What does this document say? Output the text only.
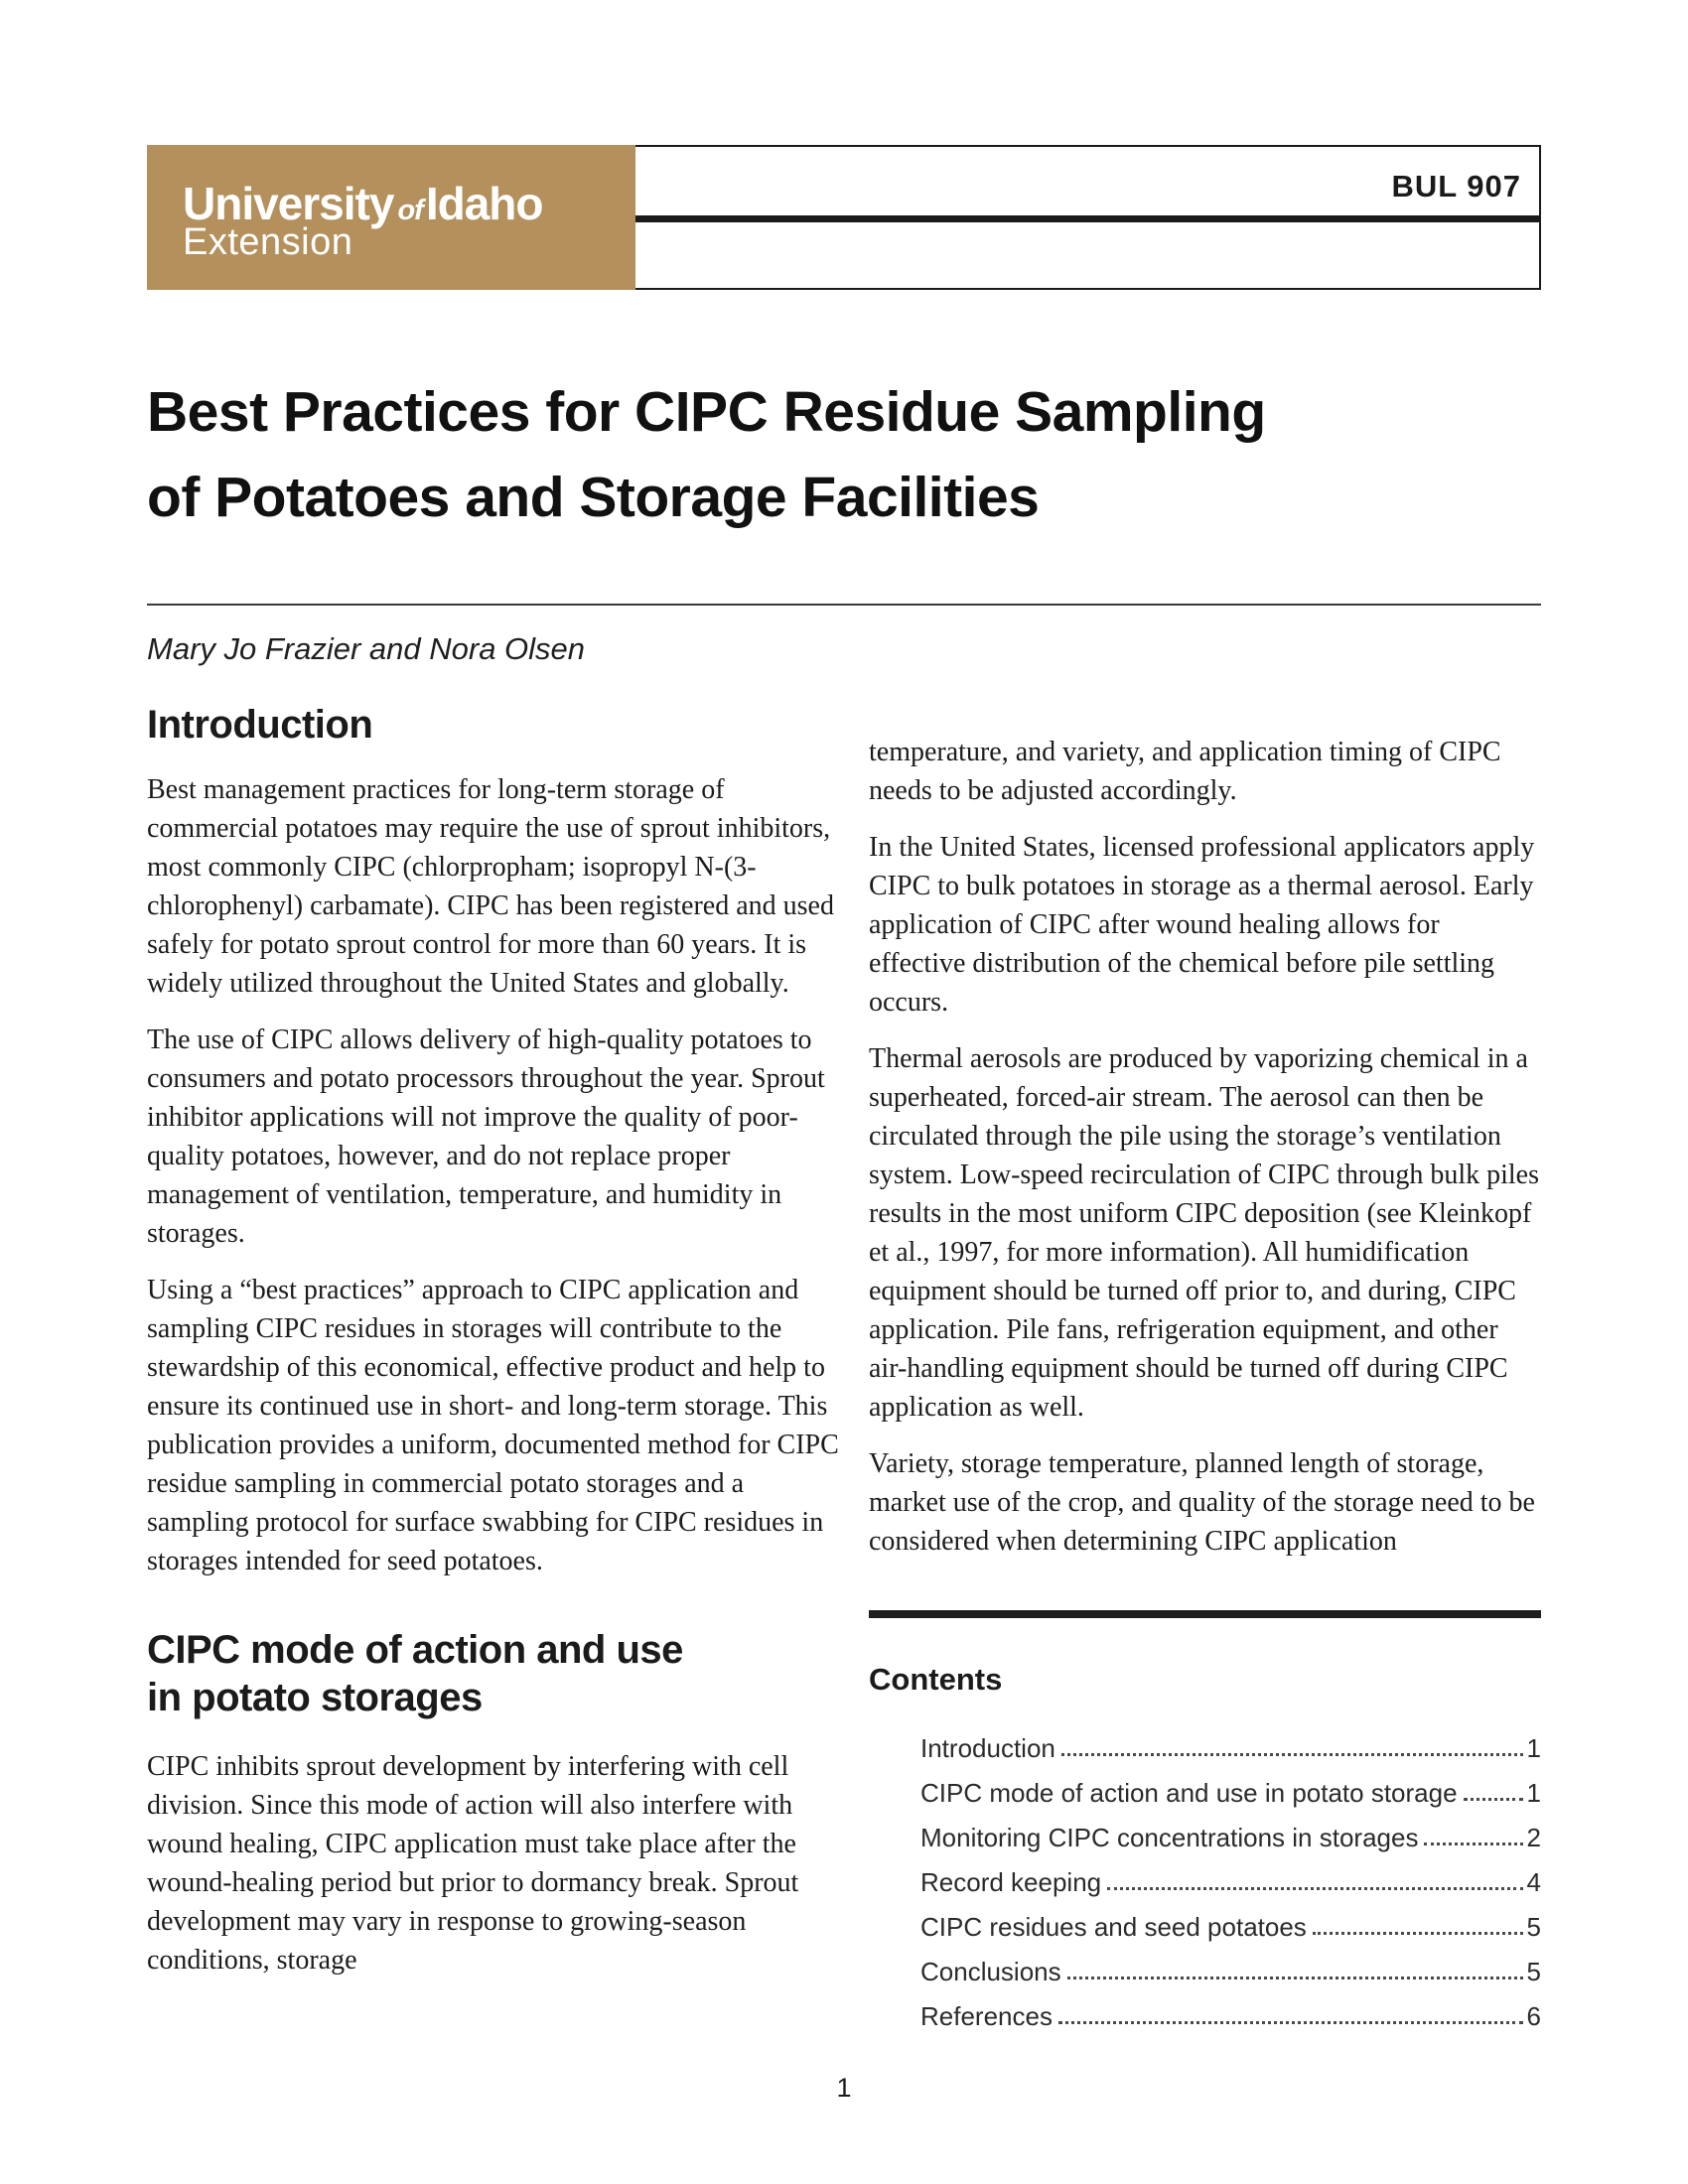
University ofIdaho
Extension
BUL 907
Best Practices for CIPC Residue Sampling
of Potatoes and Storage Facilities
Mary Jo Frazier and Nora Olsen
Introduction

Best management practices for long-term storage of commercial potatoes may require the use of sprout inhibitors, most commonly CIPC (chlorpropham; isopropyl N-(3-chlorophenyl) carbamate). CIPC has been registered and used safely for potato sprout control for more than 60 years. It is widely utilized throughout the United States and globally.

The use of CIPC allows delivery of high-quality potatoes to consumers and potato processors throughout the year. Sprout inhibitor applications will not improve the quality of poor-quality potatoes, however, and do not replace proper management of ventilation, temperature, and humidity in storages.

Using a “best practices” approach to CIPC application and sampling CIPC residues in storages will contribute to the stewardship of this economical, effective product and help to ensure its continued use in short- and long-term storage. This publication provides a uniform, documented method for CIPC residue sampling in commercial potato storages and a sampling protocol for surface swabbing for CIPC residues in storages intended for seed potatoes.

CIPC mode of action and use
in potato storages

CIPC inhibits sprout development by interfering with cell division. Since this mode of action will also interfere with wound healing, CIPC application must take place after the wound-healing period but prior to dormancy break. Sprout development may vary in response to growing-season conditions, storage

temperature, and variety, and application timing of CIPC needs to be adjusted accordingly.

In the United States, licensed professional applicators apply CIPC to bulk potatoes in storage as a thermal aerosol. Early application of CIPC after wound healing allows for effective distribution of the chemical before pile settling occurs.

Thermal aerosols are produced by vaporizing chemical in a superheated, forced-air stream. The aerosol can then be circulated through the pile using the storage’s ventilation system. Low-speed recirculation of CIPC through bulk piles results in the most uniform CIPC deposition (see Kleinkopf et al., 1997, for more information). All humidification equipment should be turned off prior to, and during, CIPC application. Pile fans, refrigeration equipment, and other air-handling equipment should be turned off during CIPC application as well.

Variety, storage temperature, planned length of storage, market use of the crop, and quality of the storage need to be considered when determining CIPC application

Contents
Introduction	1
CIPC mode of action and use in potato storage	1
Monitoring CIPC concentrations in storages	2
Record keeping	4
CIPC residues and seed potatoes	5
Conclusions	5
References	6
1
